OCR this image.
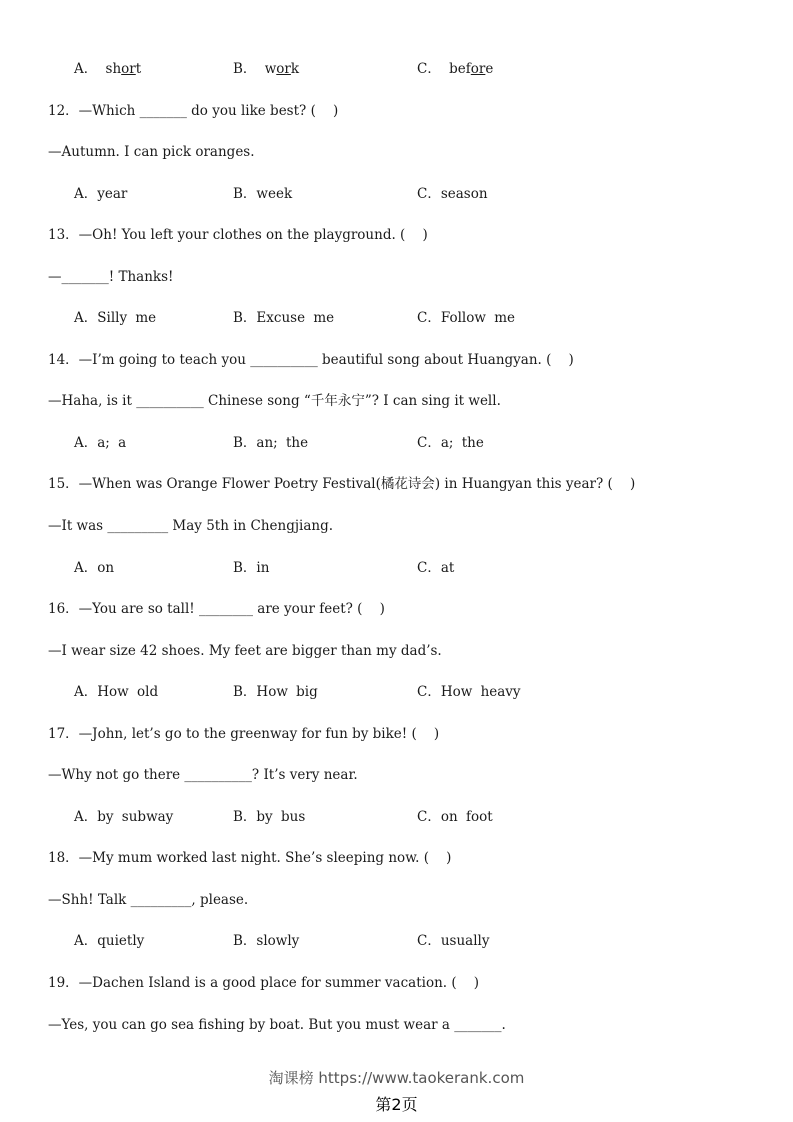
A． short

	B． work

	C． before

12．—Which _______ do you like best? (    )
—Autumn. I can pick oranges.
A．year	B．week	C．season
13．—Oh! You left your clothes on the playground. (    )
—_______! Thanks!
A．Silly me	B．Excuse me	C．Follow me
14．—I’m going to teach you __________ beautiful song about Huangyan. (    )
—Haha, is it __________ Chinese song “千年永宁”? I can sing it well.
A．a; a	B．an; the	C．a; the
15．—When was Orange Flower Poetry Festival(橘花诗会) in Huangyan this year? (    )
—It was _________ May 5th in Chengjiang.
A．on	B．in	C．at
16．—You are so tall! ________ are your feet? (    )
—I wear size 42 shoes. My feet are bigger than my dad’s.
A．How old	B．How big	C．How heavy
17．—John, let’s go to the greenway for fun by bike! (    )
—Why not go there __________? It’s very near.
A．by subway	B．by bus	C．on foot
18．—My mum worked last night. She’s sleeping now. (    )
—Shh! Talk _________, please.
A．quietly	B．slowly	C．usually
19．—Dachen Island is a good place for summer vacation. (    )
—Yes, you can go sea fishing by boat. But you must wear a _______.
淘课榜 https://www.taokerank.com
第2页
